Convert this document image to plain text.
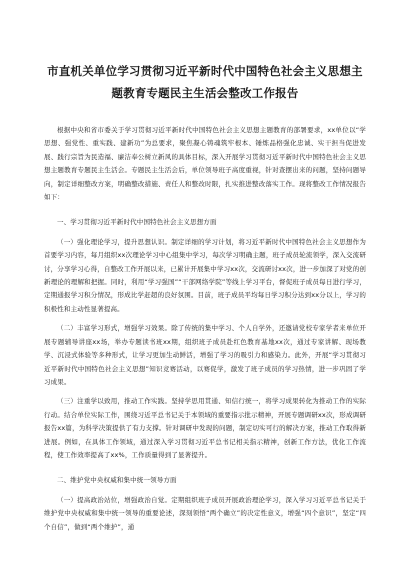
市直机关单位学习贯彻习近平新时代中国特色社会主义思想主
题教育专题民主生活会整改工作报告

根据中央和省市委关于学习贯彻习近平新时代中国特色社会主义思想主题教育的部署要求，xx单位以“学思想、强党性、重实践、建新功”为总要求，聚焦凝心铸魂筑牢根本、锤炼品格强化忠诚、实干担当促进发展、践行宗旨为民造福、廉洁奉公树立新风的具体目标，深入开展学习贯彻习近平新时代中国特色社会主义思想主题教育专题民主生活会。专题民主生活会后，单位领导班子高度重视，针对查摆出来的问题，坚持问题导向，制定详细整改方案，明确整改措施、责任人和整改时限，扎实推进整改落实工作。现将整改工作情况报告如下：

一、学习贯彻习近平新时代中国特色社会主义思想方面

（一）强化理论学习，提升思想认识。制定详细的学习计划，将习近平新时代中国特色社会主义思想作为首要学习内容，每月组织xx次理论学习中心组集中学习，每次学习明确主题，班子成员轮流领学，深入交流研讨，分享学习心得，自整改工作开展以来，已累计开展集中学习xx次，交流研讨xx次，进一步加深了对党的创新理论的理解和把握。同时，利用“学习强国”“干部网络学院”等线上学习平台，督促班子成员每日进行学习，定期通报学习积分情况，形成比学赶超的良好氛围。目前，班子成员平均每日学习积分达到xx分以上，学习的积极性和主动性显著提高。

（二）丰富学习形式，增强学习效果。除了传统的集中学习、个人自学外，还邀请党校专家学者来单位开展专题辅导讲座xx场，举办专题读书班xx期，组织班子成员赴红色教育基地xx次，通过专家讲解、现场教学、沉浸式体验等多种形式，让学习更加生动鲜活，增强了学习的吸引力和感染力。此外，开展“学习贯彻习近平新时代中国特色社会主义思想”知识竞赛活动，以赛促学，激发了班子成员的学习热情，进一步巩固了学习成果。

（三）注重学以致用，推动工作实践。坚持学思用贯通、知信行统一，将学习成果转化为推动工作的实际行动。结合单位实际工作，围绕习近平总书记关于本领域的重要指示批示精神，开展专题调研xx次，形成调研报告xx篇，为科学决策提供了有力支撑。针对调研中发现的问题，制定切实可行的解决方案，推动工作取得新进展。例如，在具体工作领域，通过深入学习贯彻习近平总书记相关指示精神，创新工作方法，优化工作流程，使工作效率提高了xx%，工作质量得到了显著提升。

二、维护党中央权威和集中统一领导方面

（一）提高政治站位，增强政治自觉。定期组织班子成员开展政治理论学习，深入学习习近平总书记关于维护党中央权威和集中统一领导的重要论述，深刻领悟“两个确立”的决定性意义，增强“四个意识”，坚定“四个自信”，做到“两个维护”，通
